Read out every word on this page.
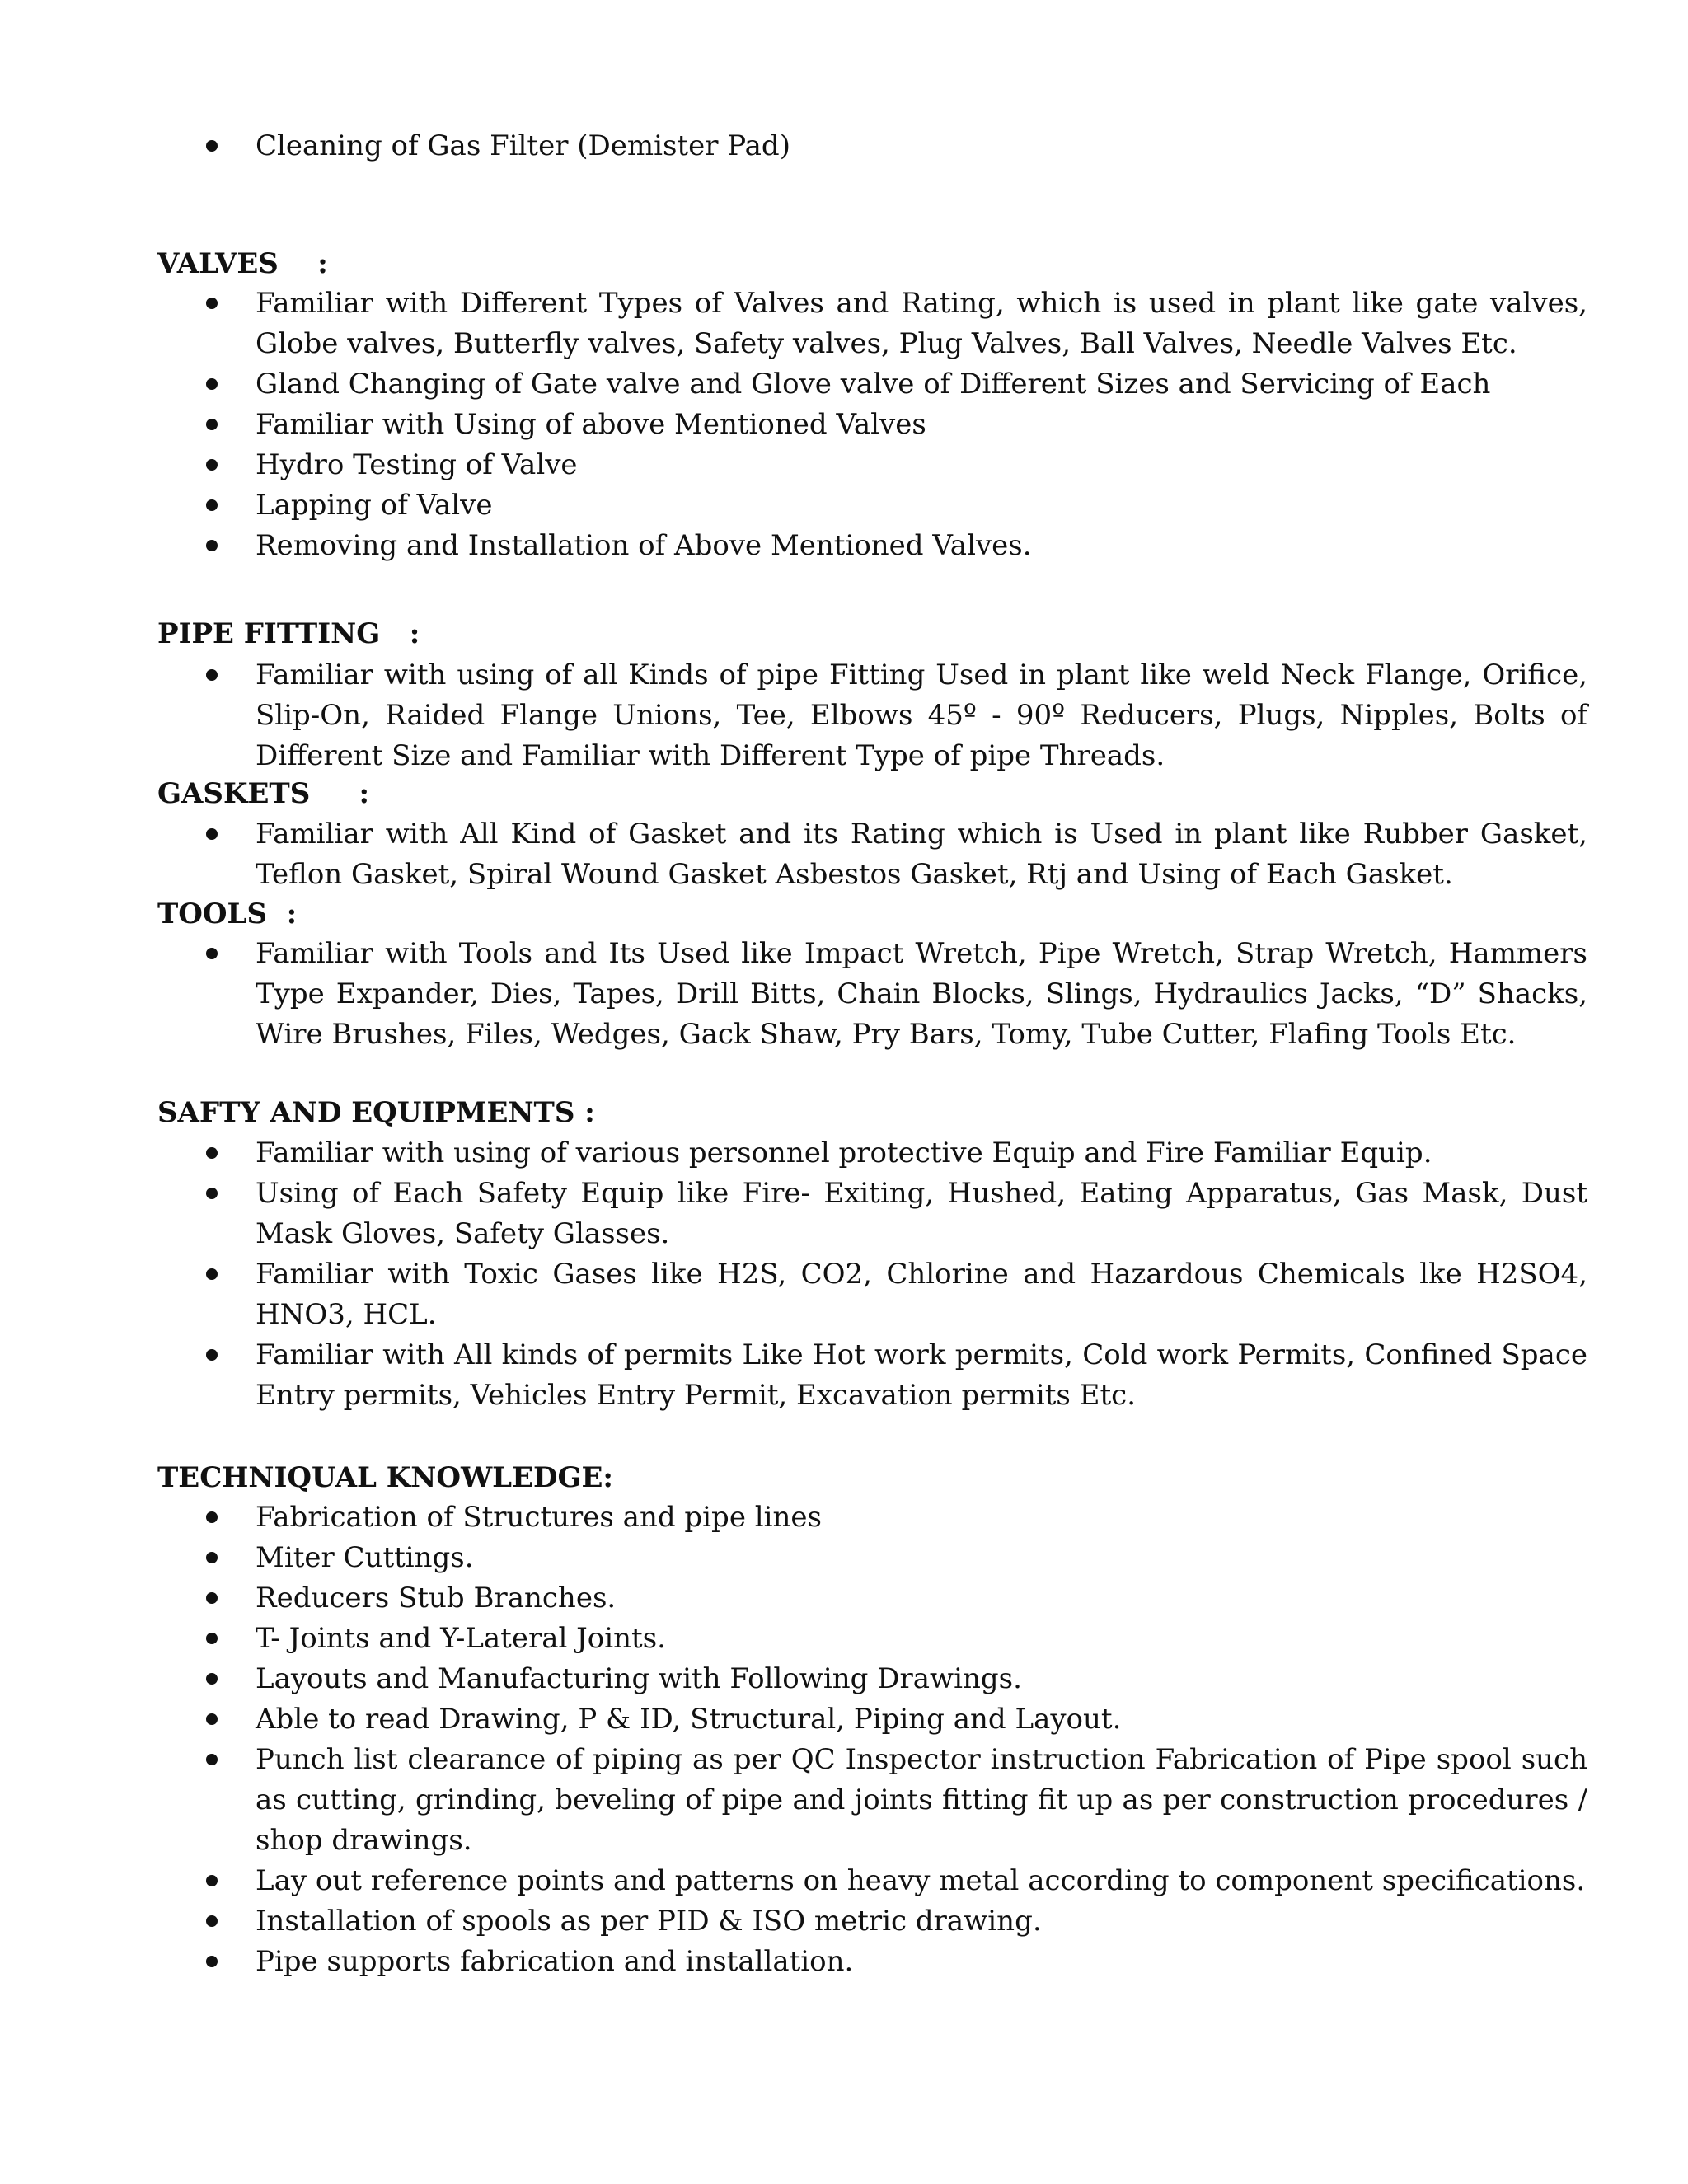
Cleaning of Gas Filter (Demister Pad)
VALVES    :
Familiar with Different Types of Valves and Rating, which is used in plant like gate valves, Globe valves, Butterfly valves, Safety valves, Plug Valves, Ball Valves, Needle Valves Etc.
Gland Changing of Gate valve and Glove valve of Different Sizes and Servicing of Each
Familiar with Using of above Mentioned Valves
Hydro Testing of Valve
Lapping of Valve
Removing and Installation of Above Mentioned Valves.
PIPE FITTING   :
Familiar with using of all Kinds of pipe Fitting Used in plant like weld Neck Flange, Orifice, Slip-On, Raided Flange Unions, Tee, Elbows 45º - 90º Reducers, Plugs, Nipples, Bolts of Different Size and Familiar with Different Type of pipe Threads.
GASKETS     :
Familiar with All Kind of Gasket and its Rating which is Used in plant like Rubber Gasket, Teflon Gasket, Spiral Wound Gasket Asbestos Gasket, Rtj and Using of Each Gasket.
TOOLS  :
Familiar with Tools and Its Used like Impact Wretch, Pipe Wretch, Strap Wretch, Hammers Type Expander, Dies, Tapes, Drill Bitts, Chain Blocks, Slings, Hydraulics Jacks, “D” Shacks, Wire Brushes, Files, Wedges, Gack Shaw, Pry Bars, Tomy, Tube Cutter, Flafing Tools Etc.
SAFTY AND EQUIPMENTS :
Familiar with using of various personnel protective Equip and Fire Familiar Equip.
Using of Each Safety Equip like Fire- Exiting, Hushed, Eating Apparatus, Gas Mask, Dust Mask Gloves, Safety Glasses.
Familiar with Toxic Gases like H2S, CO2, Chlorine and Hazardous Chemicals lke H2SO4, HNO3, HCL.
Familiar with All kinds of permits Like Hot work permits, Cold work Permits, Confined Space Entry permits, Vehicles Entry Permit, Excavation permits Etc.
TECHNIQUAL KNOWLEDGE:
Fabrication of Structures and pipe lines
Miter Cuttings.
Reducers Stub Branches.
T- Joints and Y-Lateral Joints.
Layouts and Manufacturing with Following Drawings.
Able to read Drawing, P & ID, Structural, Piping and Layout.
Punch list clearance of piping as per QC Inspector instruction Fabrication of Pipe spool such as cutting, grinding, beveling of pipe and joints fitting fit up as per construction procedures / shop drawings.
Lay out reference points and patterns on heavy metal according to component specifications.
Installation of spools as per PID & ISO metric drawing.
Pipe supports fabrication and installation.
